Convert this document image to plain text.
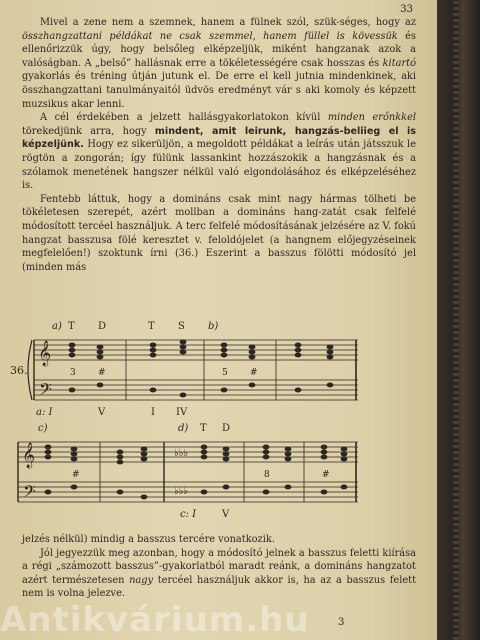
33

Mivel a zene nem a szemnek, hanem a fülnek szól, szük-séges, hogy az összhangzattani példákat ne csak szemmel, hanem füllel is kövessük és ellenőrizzük úgy, hogy belsőleg elképzeljük, miként hangzanak azok a valóságban. A „belső” hallásnak erre a tökéletességére csak hosszas és kitartó gyakorlás és tréning útján jutunk el. De erre el kell jutnia mindenkinek, aki összhangzattani tanulmányaitól üdvös eredményt vár s aki komoly és képzett muzsikus akar lenni.

A cél érdekében a jelzett hallásgyakorlatokon kívül minden erőnkkel törekedjünk arra, hogy mindent, amit leirunk, hangzás-beliieg el is képzeljünk. Hogy ez sikerüljön, a megoldott példákat a leírás után játsszuk le rögtön a zongorán; így fülünk lassankint hozzászokik a hangzásnak és a szólamok menetének hangszer nélkül való elgondolásához és elképzeléséhez is.

Fentebb láttuk, hogy a domináns csak mint nagy hármas tölheti be tökéletesen szerepét, azért mollban a domináns hang-zatát csak felfelé módosított tercéel használjuk. A terc felfelé módosításának jelzésére az V. fokú hangzat basszusa fölé keresztet v. feloldójelet (a hangnem előjegyzéseinek megfelelően!) szoktunk írni (36.) Eszerint a basszus fölötti módosító jel (minden más

𝄞
𝄢
a) T D	T S b)
36.	3 #	5 #
a: I	V	I IV
𝄞
𝄢
♭♭♭
♭♭♭
c)	d) T D
#	8	#
c: I	V

jelzés nélkül) mindig a basszus tercére vonatkozik.

Jól jegyezzük meg azonban, hogy a módosító jelnek a basszus feletti kiírása a régi „számozott basszus”-gyakorlatból maradt reánk, a domináns hangzatot azért természetesen nagy tercéel használjuk akkor is, ha az a basszus felett nem is volna jelezve.

3
Antikvárium.hu
